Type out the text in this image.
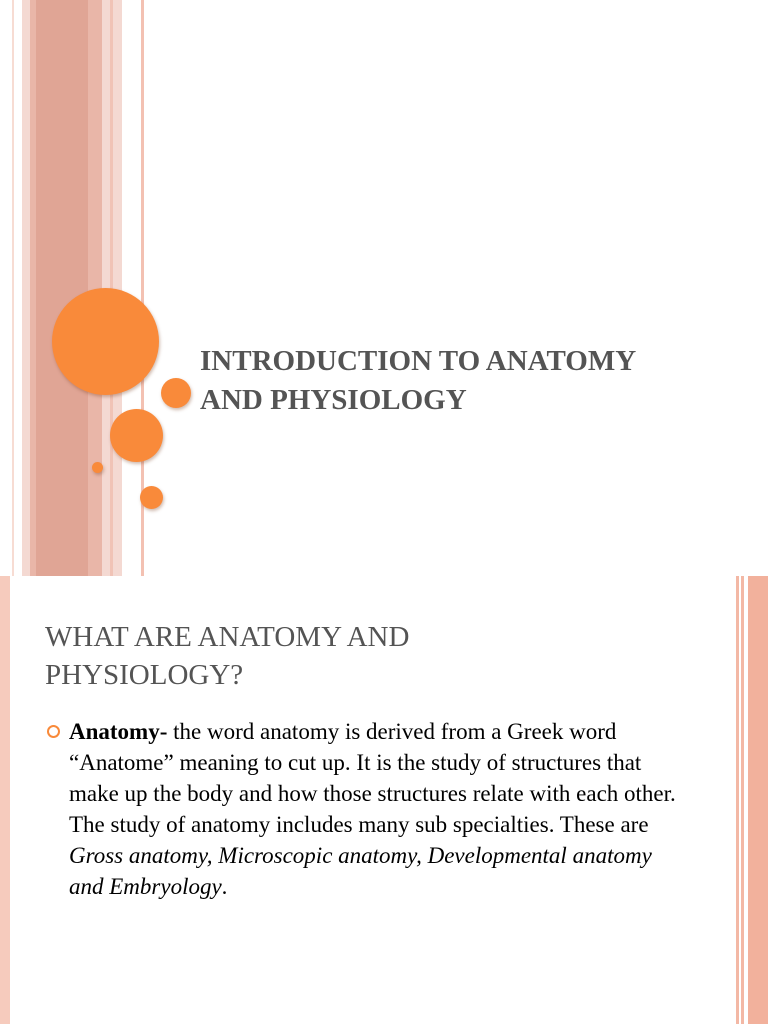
INTRODUCTION TO ANATOMY
AND PHYSIOLOGY
WHAT ARE ANATOMY AND
PHYSIOLOGY?
Anatomy- the word anatomy is derived from a Greek word “Anatome” meaning to cut up. It is the study of structures that make up the body and how those structures relate with each other. The study of anatomy includes many sub specialties. These are Gross anatomy, Microscopic anatomy, Developmental anatomy and Embryology.
